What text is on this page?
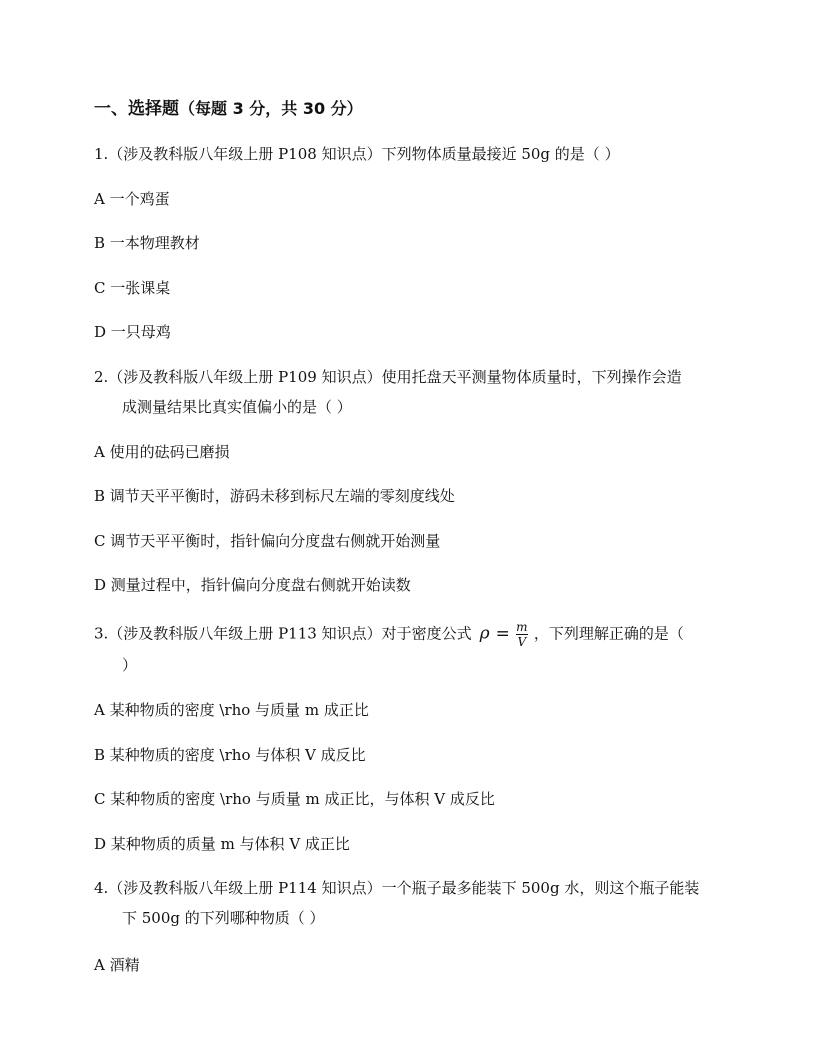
一、选择题（每题 3 分，共 30 分）
1.（涉及教科版八年级上册 P108 知识点）下列物体质量最接近 50g 的是（ ）
A 一个鸡蛋
B 一本物理教材
C 一张课桌
D 一只母鸡
2.（涉及教科版八年级上册 P109 知识点）使用托盘天平测量物体质量时，下列操作会造
成测量结果比真实值偏小的是（ ）
A 使用的砝码已磨损
B 调节天平平衡时，游码未移到标尺左端的零刻度线处
C 调节天平平衡时，指针偏向分度盘右侧就开始测量
D 测量过程中，指针偏向分度盘右侧就开始读数
3.（涉及教科版八年级上册 P113 知识点）对于密度公式 $\rho = \frac{m}{V}$ ，下列理解正确的是（
）
A 某种物质的密度 \rho 与质量 m 成正比
B 某种物质的密度 \rho 与体积 V 成反比
C 某种物质的密度 \rho 与质量 m 成正比，与体积 V 成反比
D 某种物质的质量 m 与体积 V 成正比
4.（涉及教科版八年级上册 P114 知识点）一个瓶子最多能装下 500g 水，则这个瓶子能装
下 500g 的下列哪种物质（ ）
A 酒精
